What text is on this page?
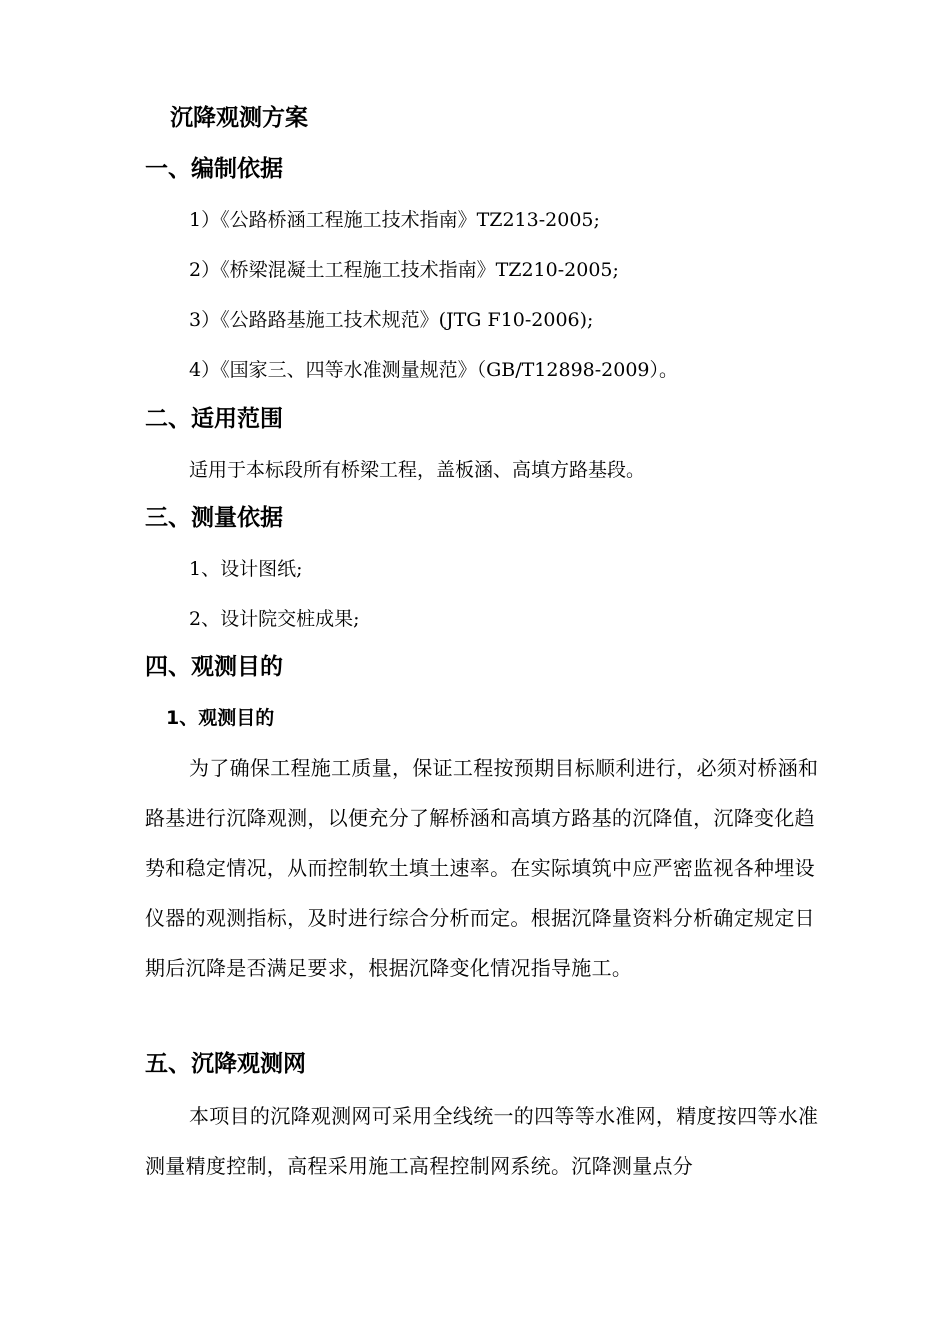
沉降观测方案
一、编制依据
1）《公路桥涵工程施工技术指南》TZ213-2005;
2）《桥梁混凝土工程施工技术指南》TZ210-2005;
3）《公路路基施工技术规范》(JTG F10-2006);
4）《国家三、四等水准测量规范》（GB/T12898-2009）。
二、适用范围
适用于本标段所有桥梁工程，盖板涵、高填方路基段。
三、测量依据
1、设计图纸;
2、设计院交桩成果;
四、观测目的
1、观测目的
为了确保工程施工质量，保证工程按预期目标顺利进行，必须对桥涵和路基进行沉降观测，以便充分了解桥涵和高填方路基的沉降值，沉降变化趋势和稳定情况，从而控制软土填土速率。在实际填筑中应严密监视各种埋设仪器的观测指标，及时进行综合分析而定。根据沉降量资料分析确定规定日期后沉降是否满足要求，根据沉降变化情况指导施工。
五、沉降观测网
本项目的沉降观测网可采用全线统一的四等等水准网，精度按四等水准测量精度控制，高程采用施工高程控制网系统。沉降测量点分
